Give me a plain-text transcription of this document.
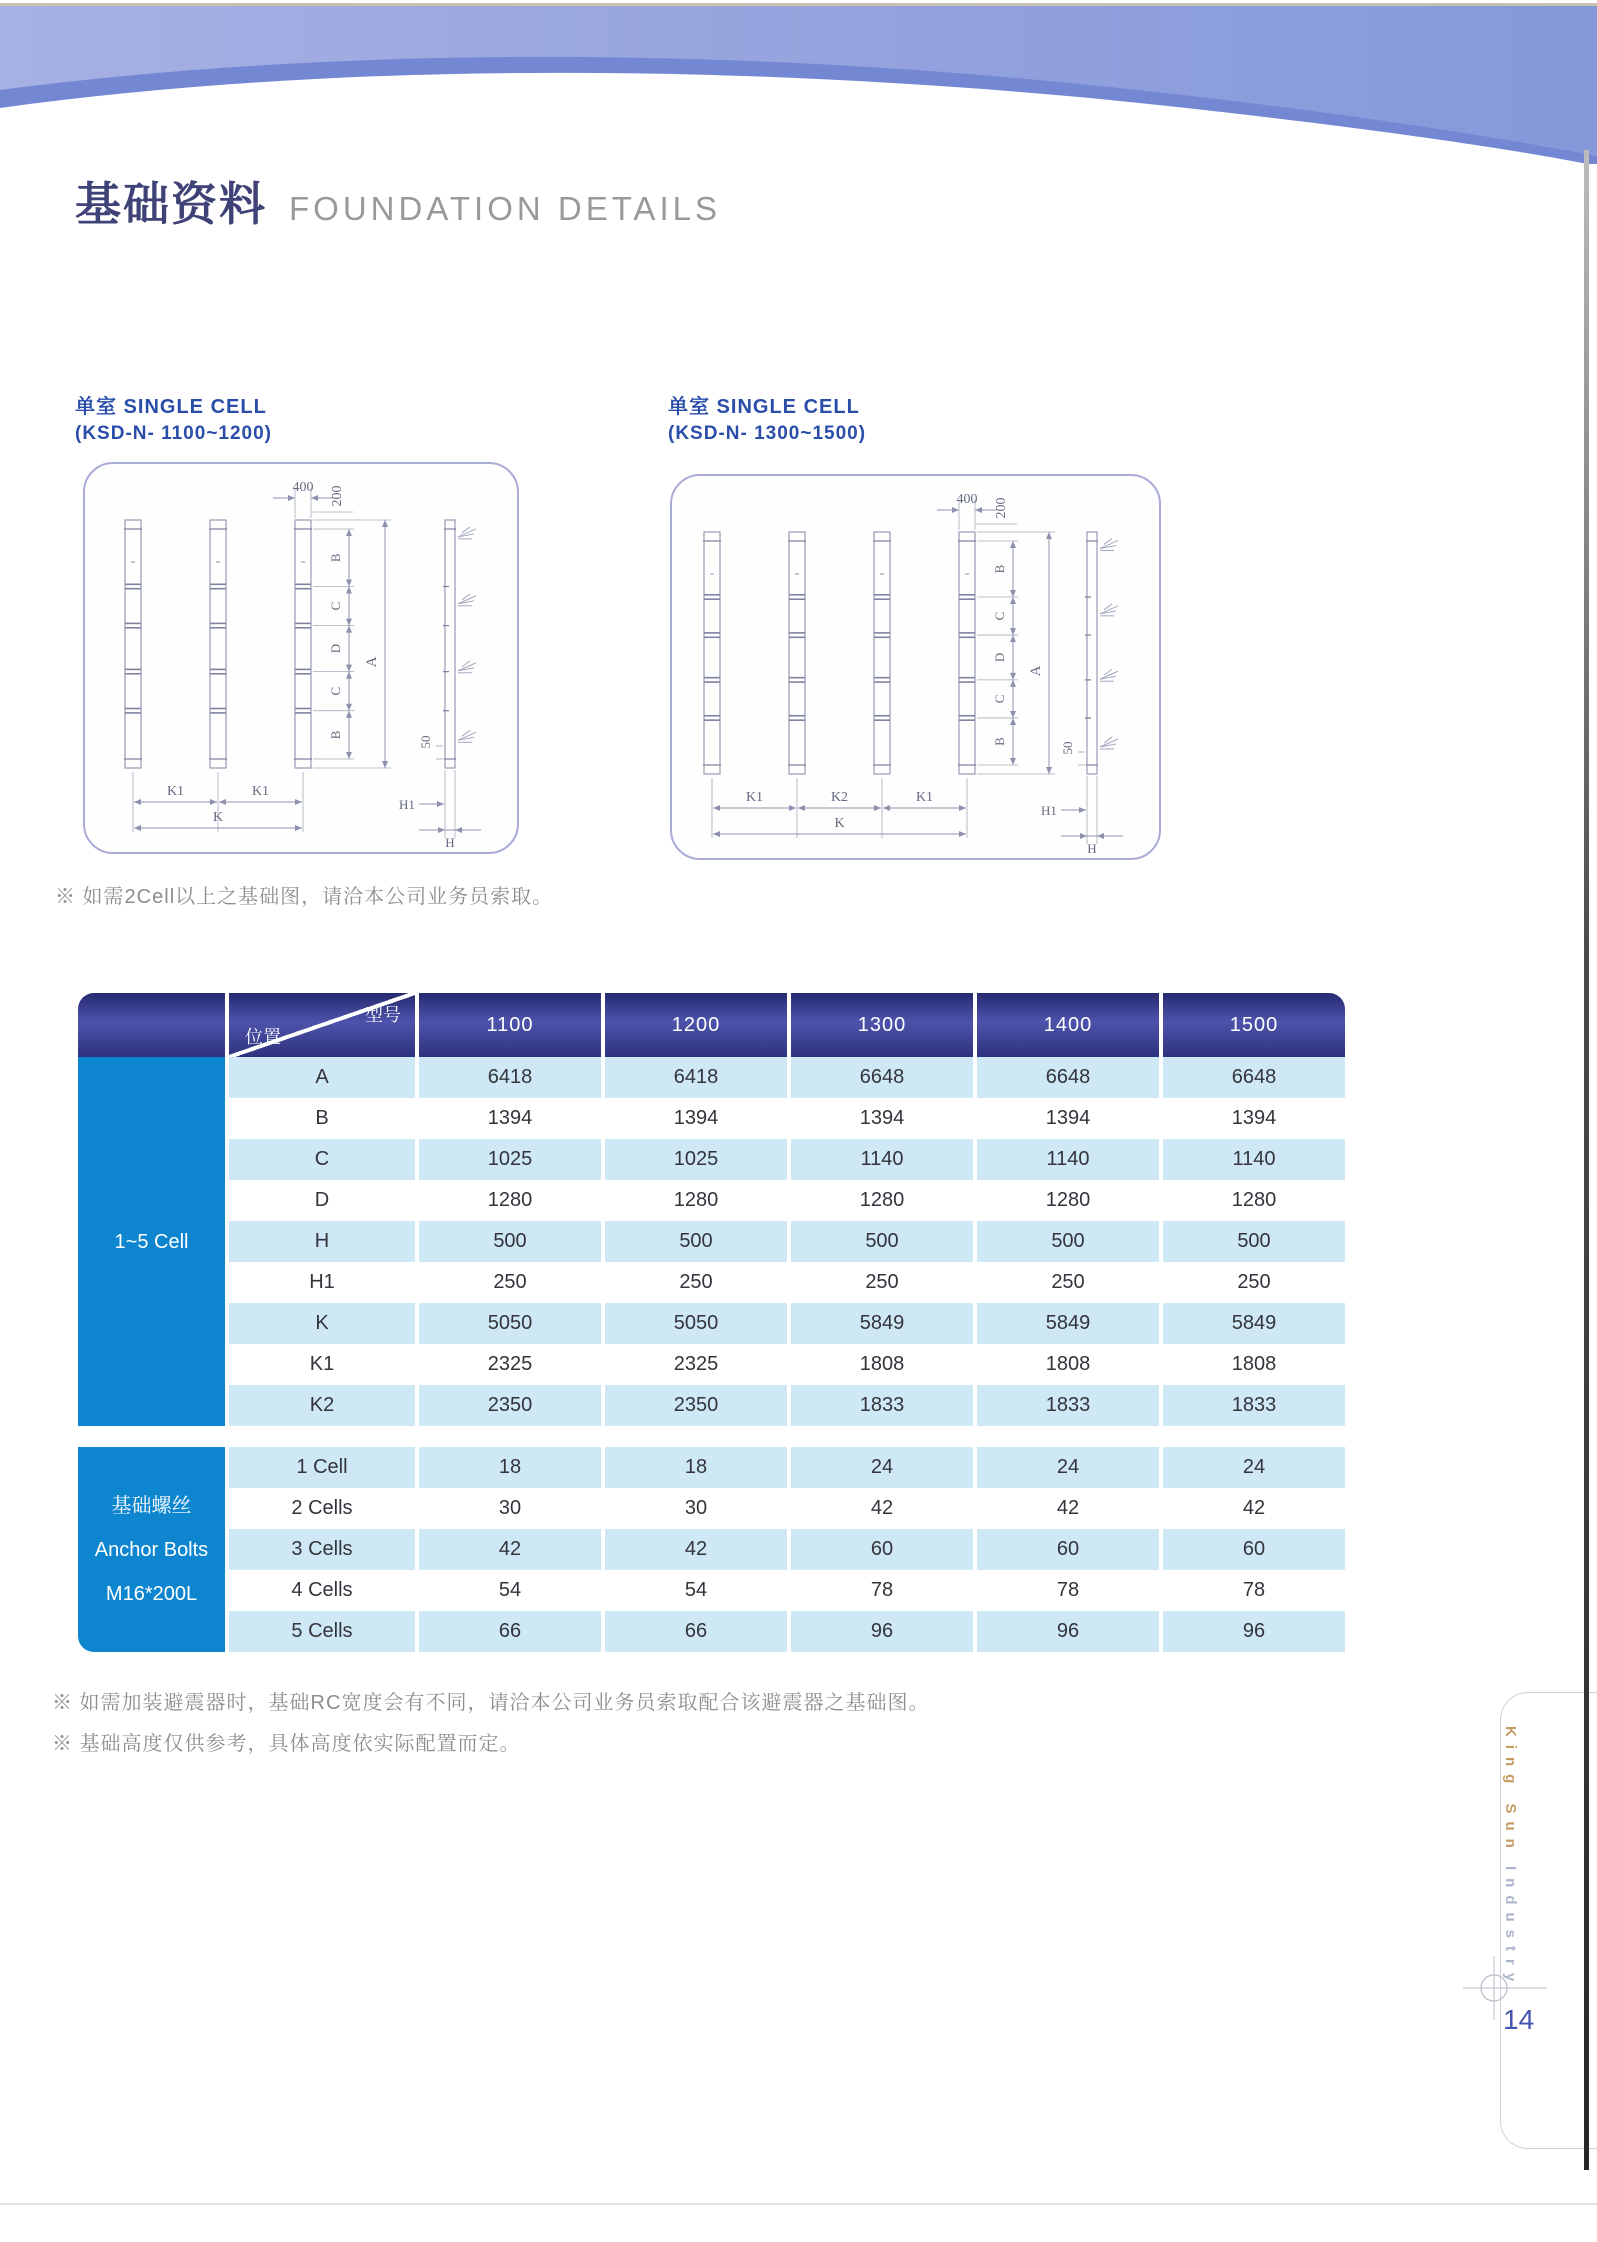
基础资料 FOUNDATION DETAILS
单室 SINGLE CELL
(KSD-N- 1100~1200)
单室 SINGLE CELL
(KSD-N- 1300~1500)
K1	K1
K
400 200
B
C
D
C
B
A
50
H1
H
K1	K2	K1
K
400 200
B
C
D
C
B
A
50
H1
H
※ 如需2Cell以上之基础图，请洽本公司业务员索取。
型号
位置
1100	1200	1300	1400	1500
1~5 Cell
A	6418	6418	6648	6648	6648
B	1394	1394	1394	1394	1394
C	1025	1025	1140	1140	1140
D	1280	1280	1280	1280	1280
H	500	500	500	500	500
H1	250	250	250	250	250
K	5050	5050	5849	5849	5849
K1	2325	2325	1808	1808	1808
K2	2350	2350	1833	1833	1833
基础螺丝
Anchor Bolts
M16*200L
1 Cell	18	18	24	24	24
2 Cells	30	30	42	42	42
3 Cells	42	42	60	60	60
4 Cells	54	54	78	78	78
5 Cells	66	66	96	96	96
※ 如需加装避震器时，基础RC宽度会有不同，请洽本公司业务员索取配合该避震器之基础图。
※ 基础高度仅供参考，具体高度依实际配置而定。	King SunIndustry
14
